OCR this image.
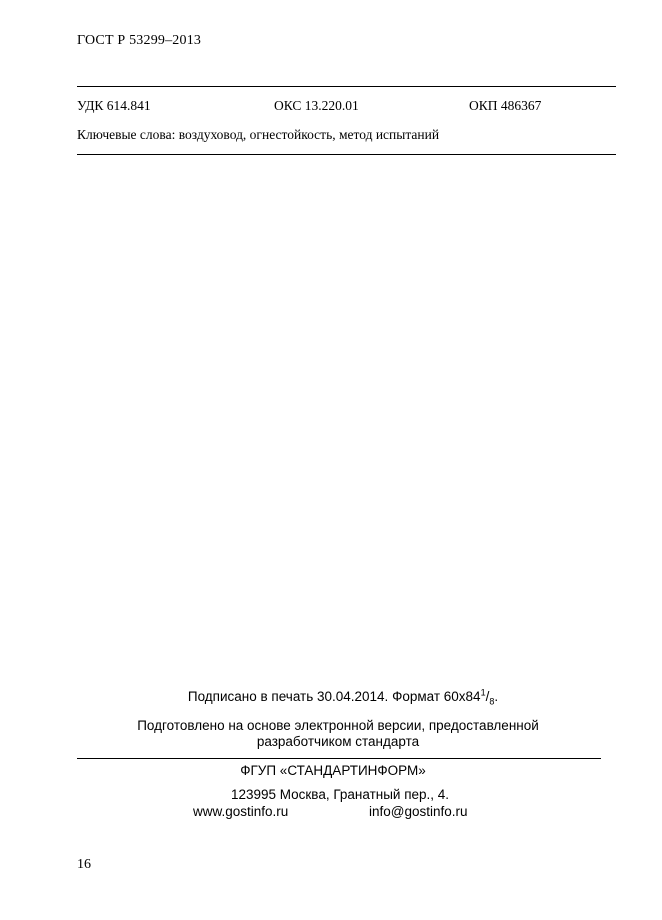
ГОСТ Р 53299–2013
УДК 614.841	ОКС 13.220.01	ОКП 486367
Ключевые слова: воздуховод, огнестойкость, метод испытаний
Подписано в печать 30.04.2014. Формат $60х84^1/_8$.
Подготовлено на основе электронной версии, предоставленной
разработчиком стандарта
ФГУП «СТАНДАРТИНФОРМ»
123995 Москва, Гранатный пер., 4.
www.gostinfo.ru	info@gostinfo.ru
16
